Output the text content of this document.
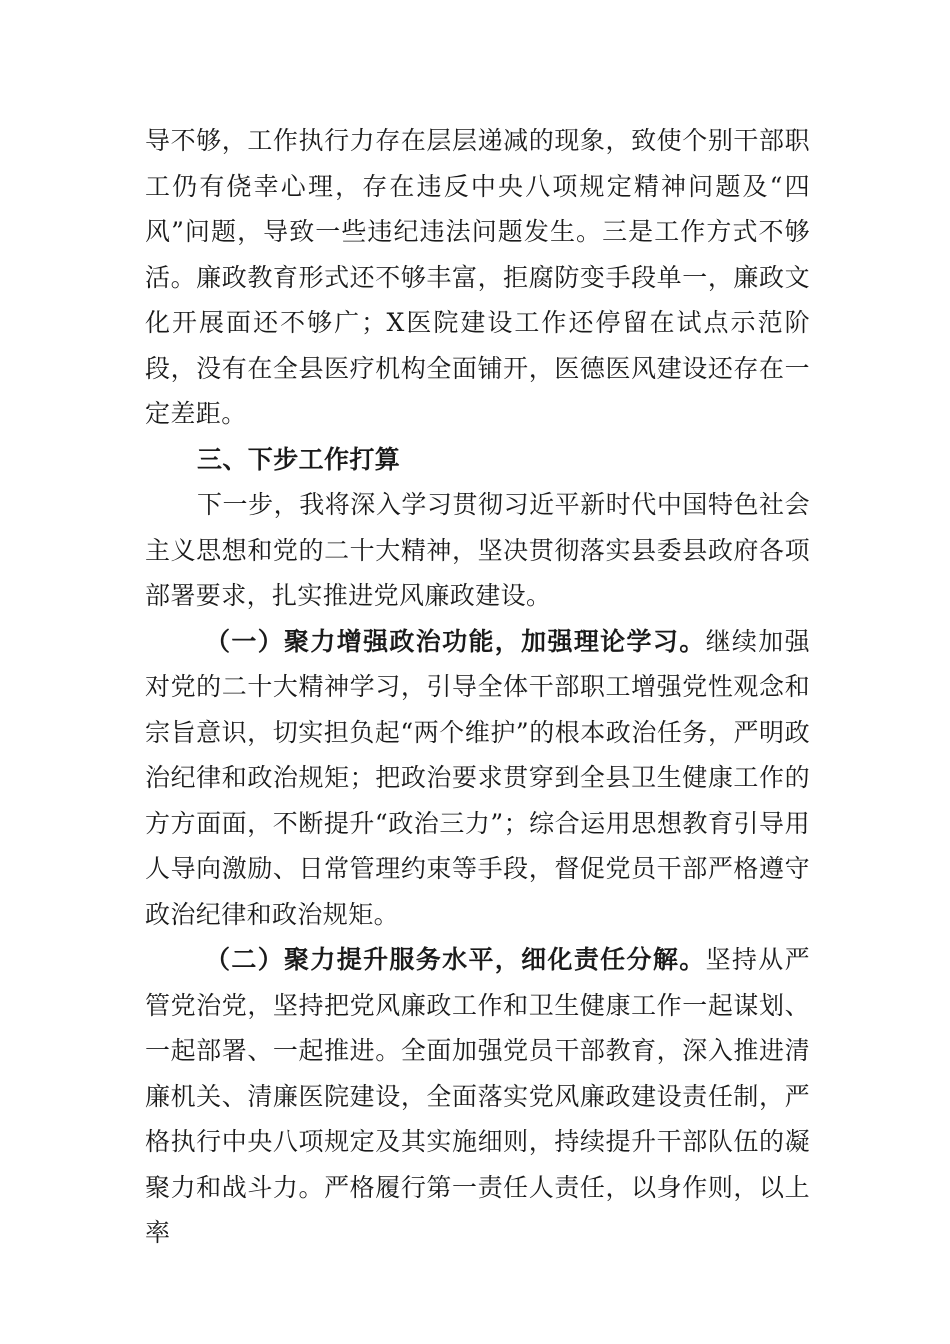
导不够，工作执行力存在层层递减的现象，致使个别干部职工仍有侥幸心理，存在违反中央八项规定精神问题及“四风”问题，导致一些违纪违法问题发生。三是工作方式不够活。廉政教育形式还不够丰富，拒腐防变手段单一，廉政文化开展面还不够广；X医院建设工作还停留在试点示范阶段，没有在全县医疗机构全面铺开，医德医风建设还存在一定差距。

三、下步工作打算

下一步，我将深入学习贯彻习近平新时代中国特色社会主义思想和党的二十大精神，坚决贯彻落实县委县政府各项部署要求，扎实推进党风廉政建设。

（一）聚力增强政治功能，加强理论学习。继续加强对党的二十大精神学习，引导全体干部职工增强党性观念和宗旨意识，切实担负起“两个维护”的根本政治任务，严明政治纪律和政治规矩；把政治要求贯穿到全县卫生健康工作的方方面面，不断提升“政治三力”；综合运用思想教育引导用人导向激励、日常管理约束等手段，督促党员干部严格遵守政治纪律和政治规矩。

（二）聚力提升服务水平，细化责任分解。坚持从严管党治党，坚持把党风廉政工作和卫生健康工作一起谋划、一起部署、一起推进。全面加强党员干部教育，深入推进清廉机关、清廉医院建设，全面落实党风廉政建设责任制，严格执行中央八项规定及其实施细则，持续提升干部队伍的凝聚力和战斗力。严格履行第一责任人责任，以身作则，以上率
